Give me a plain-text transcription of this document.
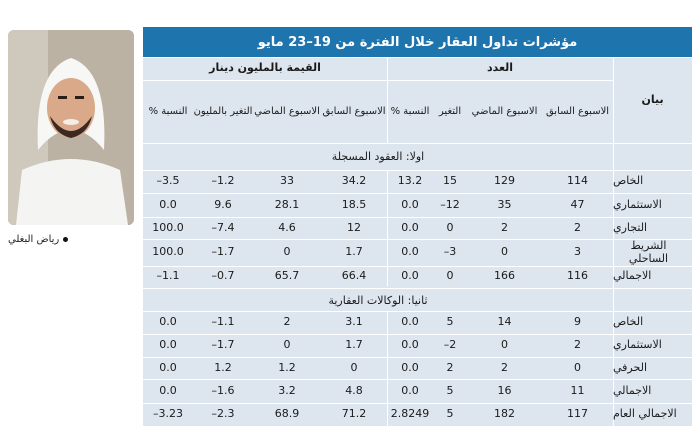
رياض البغلي
مؤشرات تداول العقار خلال الفترة من 19–23 مايو
بيان
العدد
القيمة بالمليون دينار
الاسبوع السابق
الاسبوع الماضي
التغير
النسبة %
الاسبوع السابق
الاسبوع الماضي
التغير بالمليون
النسبة %
اولا: العقود المسجلة
الخاص
114
129
15
13.2
34.2
33
–1.2
–3.5
الاستثماري
47
35
–12
0.0
18.5
28.1
9.6
0.0
التجاري
2
2
0
0.0
12
4.6
–7.4
100.0
الشريط الساحلي
3
0
–3
0.0
1.7
0
–1.7
100.0
الاجمالي
116
166
0
0.0
66.4
65.7
–0.7
–1.1
ثانيا: الوكالات العقارية
الخاص
9
14
5
0.0
3.1
2
–1.1
0.0
الاستثماري
2
0
–2
0.0
1.7
0
–1.7
0.0
الحرفي
0
2
2
0.0
0
1.2
1.2
0.0
الاجمالي
11
16
5
0.0
4.8
3.2
–1.6
0.0
الاجمالي العام
117
182
5
2.8249
71.2
68.9
–2.3
–3.23
